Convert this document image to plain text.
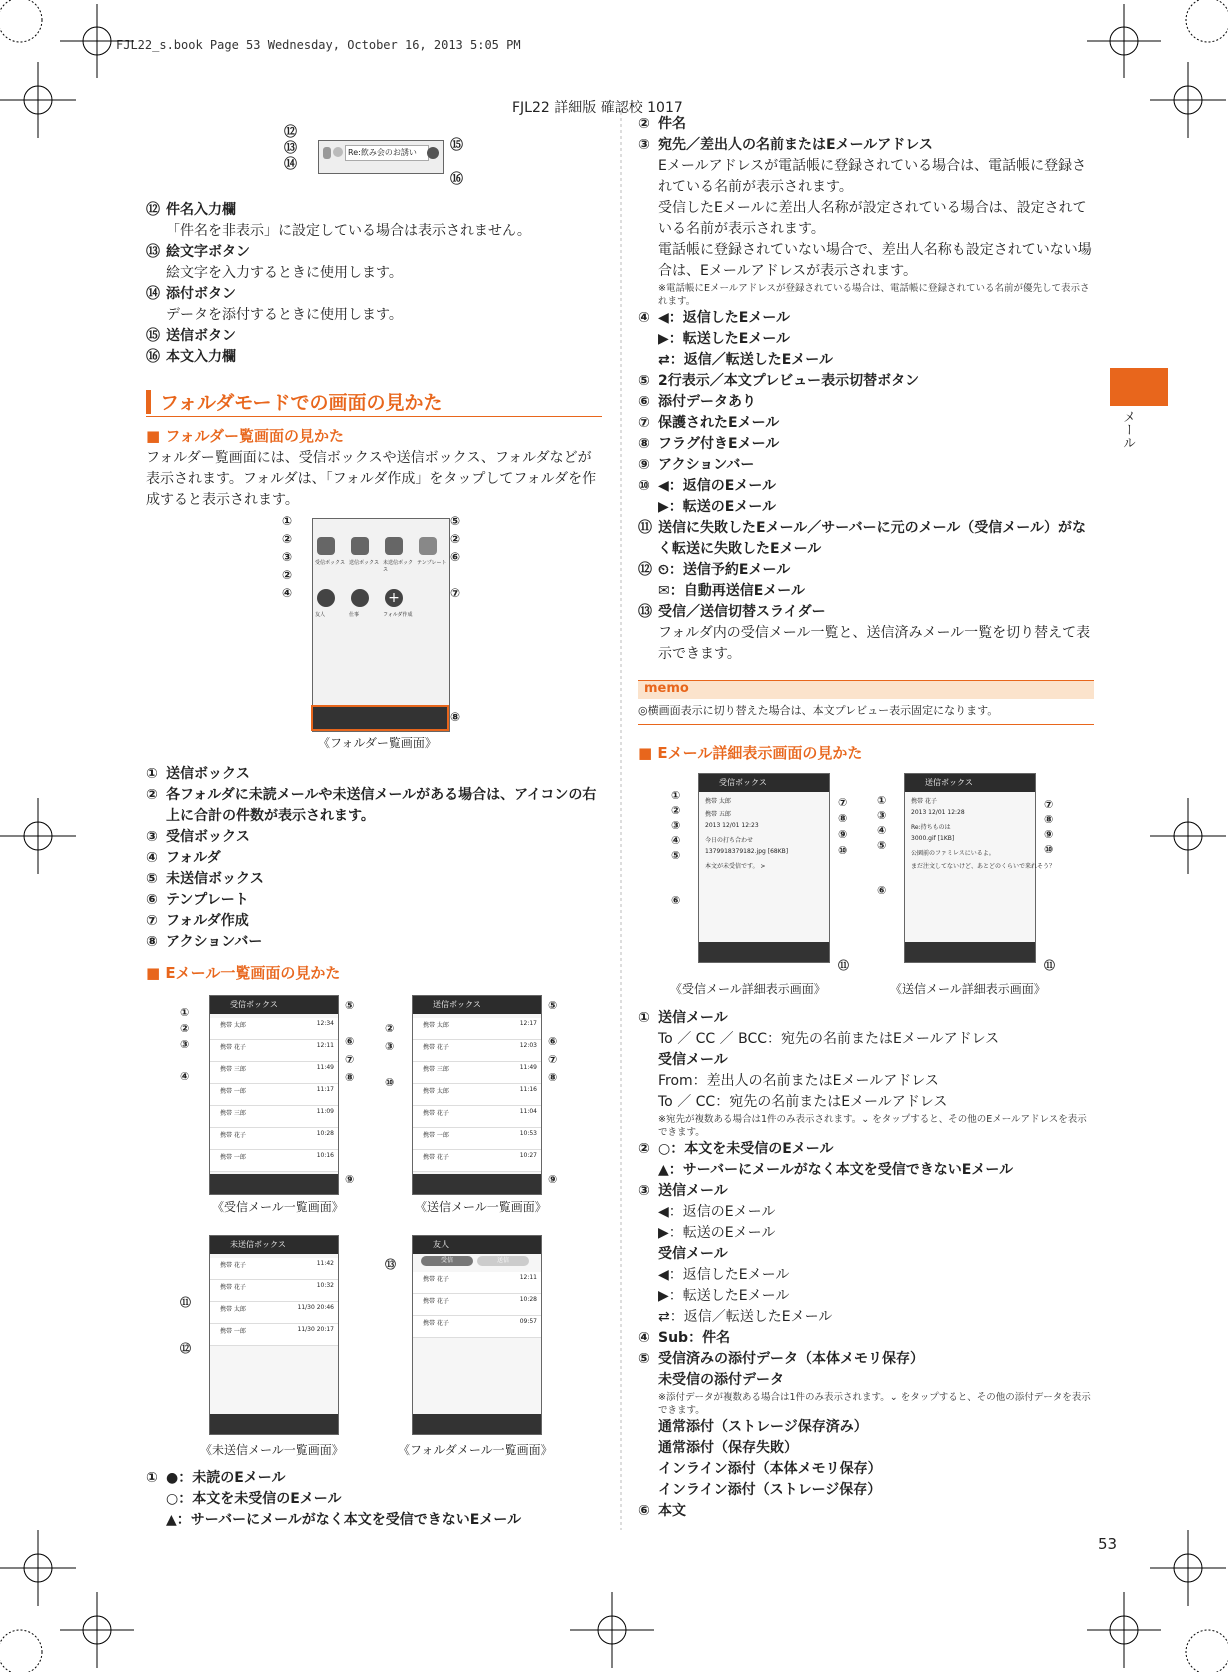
FJL22_s.book Page 53 Wednesday, October 16, 2013 5:05 PM
FJL22 詳細版 確認校 1017
メール
53
Re:飲み会のお誘い
⑫
⑬
⑭
⑮
⑯
⑫ 件名入力欄
「件名を非表示」に設定している場合は表示されません。
⑬ 絵文字ボタン
絵文字を入力するときに使用します。
⑭ 添付ボタン
データを添付するときに使用します。
⑮ 送信ボタン
⑯ 本文入力欄
フォルダモードでの画面の見かた
■ フォルダー覧画面の見かた
フォルダー覧画面には、受信ボックスや送信ボックス、フォルダなどが表示されます。フォルダは、「フォルダ作成」をタップしてフォルダを作成すると表示されます。
+
受信ボックス 送信ボックス 未送信ボックス
テンプレート
友人	仕事	フォルダ作成
①
②
③
②
④
⑤
②
⑥

⑦
⑧
《フォルダー覧画面》
① 送信ボックス
② 各フォルダに未読メールや未送信メールがある場合は、アイコンの右上に合計の件数が表示されます。
③ 受信ボックス
④ フォルダ
⑤ 未送信ボックス
⑥ テンプレート
⑦ フォルダ作成
⑧ アクションバー
■ Eメール一覧画面の見かた
受信ボックス
携帯 太郎	12:34
携帯 花子	12:11
携帯 三郎	11:49
携帯 一郎	11:17
携帯 三郎	11:09
携帯 花子	10:28
携帯 一郎	10:16
送信ボックス
携帯 太郎	12:17
携帯 花子	12:03
携帯 三郎	11:49
携帯 太郎	11:16
携帯 花子	11:04
携帯 一郎	10:53
携帯 花子	10:27
未送信ボックス
携帯 花子	11:42
携帯 花子	10:32
携帯 太郎	11/30 20:46
携帯 一郎	11/30 20:17
友人
受信	送信
携帯 花子	12:11
携帯 花子	10:28
携帯 花子	09:57
①
②
③

④
⑤

⑥
⑦
⑧
⑨
②
③

⑩
⑤

⑥
⑦
⑧
⑨
⑪
⑫
⑬
《受信メール一覧画面》	《送信メール一覧画面》
《未送信メール一覧画面》	《フォルダメール一覧画面》
① ●：未読のEメール
○：本文を未受信のEメール
▲：サーバーにメールがなく本文を受信できないEメール
② 件名
③ 宛先／差出人の名前またはEメールアドレス
Eメールアドレスが電話帳に登録されている場合は、電話帳に登録されている名前が表示されます。
受信したEメールに差出人名称が設定されている場合は、設定されている名前が表示されます。
電話帳に登録されていない場合で、差出人名称も設定されていない場合は、Eメールアドレスが表示されます。
※電話帳にEメールアドレスが登録されている場合は、電話帳に登録されている名前が優先して表示されます。
④ ◀：返信したEメール
▶：転送したEメール
⇄：返信／転送したEメール
⑤ 2行表示／本文プレビュー表示切替ボタン
⑥ 添付データあり
⑦ 保護されたEメール
⑧ フラグ付きEメール
⑨ アクションバー
⑩ ◀：返信のEメール
▶：転送のEメール
⑪ 送信に失敗したEメール／サーバーに元のメール（受信メール）がなく転送に失敗したEメール
⑫ ⏲：送信予約Eメール
✉：自動再送信Eメール
⑬ 受信／送信切替スライダー
フォルダ内の受信メール一覧と、送信済みメール一覧を切り替えて表示できます。
memo
◎横画面表示に切り替えた場合は、本文プレビュー表示固定になります。
■ Eメール詳細表示画面の見かた
受信ボックス
携帯 太郎
携帯 五郎
2013 12/01 12:23
今日の打ち合わせ
1379918379182.jpg [68KB]
本文が未受信です。 >
送信ボックス
携帯 花子
2013 12/01 12:28
Re:持ちものは
3000.gif [1KB]
公園前のファミレスにいるよ。
まだ注文してないけど、あとどのくらいで来れそう？
①
②
③
④
⑤

⑥
⑦
⑧
⑨
⑩
⑪
①
③
④
⑤

⑥
⑦
⑧
⑨
⑩
⑪
《受信メール詳細表示画面》	《送信メール詳細表示画面》
① 送信メール
To ／ CC ／ BCC：宛先の名前またはEメールアドレス
受信メール
From：差出人の名前またはEメールアドレス
To ／ CC：宛先の名前またはEメールアドレス
※宛先が複数ある場合は1件のみ表示されます。⌄ をタップすると、その他のEメールアドレスを表示できます。
② ○：本文を未受信のEメール
▲：サーバーにメールがなく本文を受信できないEメール
③ 送信メール
◀：返信のEメール
▶：転送のEメール
受信メール
◀：返信したEメール
▶：転送したEメール
⇄：返信／転送したEメール
④ Sub：件名
⑤ 受信済みの添付データ（本体メモリ保存）
未受信の添付データ
※添付データが複数ある場合は1件のみ表示されます。⌄ をタップすると、その他の添付データを表示できます。
通常添付（ストレージ保存済み）
通常添付（保存失敗）
インライン添付（本体メモリ保存）
インライン添付（ストレージ保存）
⑥ 本文
